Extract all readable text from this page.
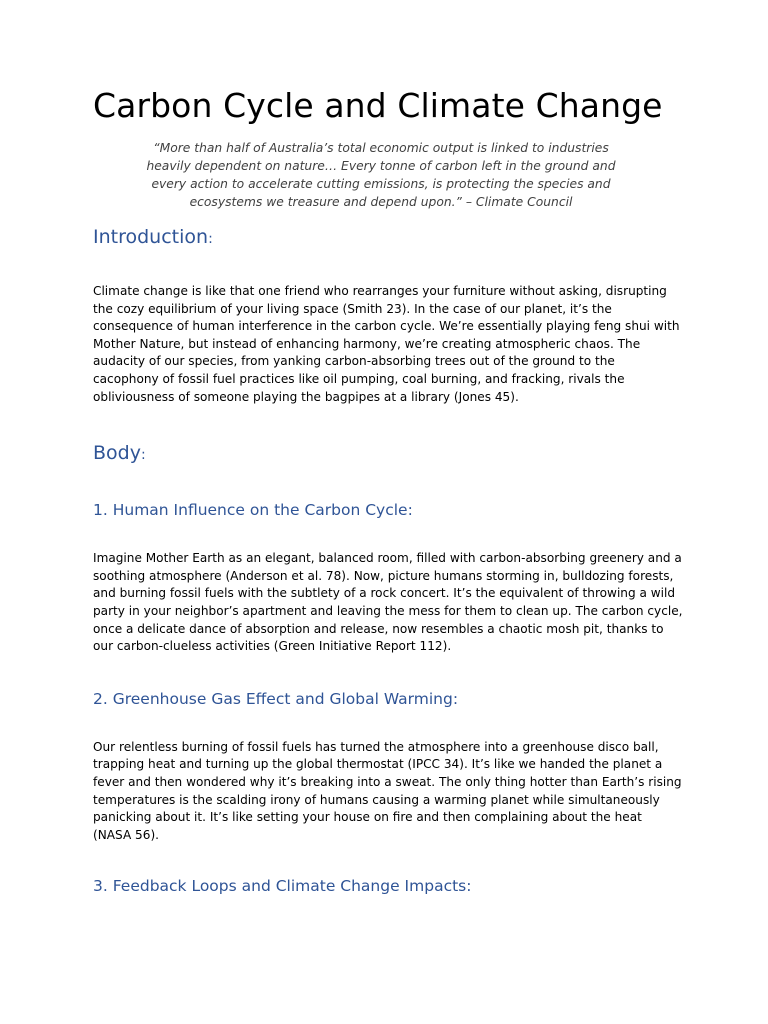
Carbon Cycle and Climate Change

“More than half of Australia’s total economic output is linked to industries heavily dependent on nature… Every tonne of carbon left in the ground and every action to accelerate cutting emissions, is protecting the species and ecosystems we treasure and depend upon.” – Climate Council

Introduction:

Climate change is like that one friend who rearranges your furniture without asking, disrupting the cozy equilibrium of your living space (Smith 23). In the case of our planet, it’s the consequence of human interference in the carbon cycle. We’re essentially playing feng shui with Mother Nature, but instead of enhancing harmony, we’re creating atmospheric chaos. The audacity of our species, from yanking carbon-absorbing trees out of the ground to the cacophony of fossil fuel practices like oil pumping, coal burning, and fracking, rivals the obliviousness of someone playing the bagpipes at a library (Jones 45).

Body:
1. Human Influence on the Carbon Cycle:

Imagine Mother Earth as an elegant, balanced room, filled with carbon-absorbing greenery and a soothing atmosphere (Anderson et al. 78). Now, picture humans storming in, bulldozing forests, and burning fossil fuels with the subtlety of a rock concert. It’s the equivalent of throwing a wild party in your neighbor’s apartment and leaving the mess for them to clean up. The carbon cycle, once a delicate dance of absorption and release, now resembles a chaotic mosh pit, thanks to our carbon-clueless activities (Green Initiative Report 112).

2. Greenhouse Gas Effect and Global Warming:

Our relentless burning of fossil fuels has turned the atmosphere into a greenhouse disco ball, trapping heat and turning up the global thermostat (IPCC 34). It’s like we handed the planet a fever and then wondered why it’s breaking into a sweat. The only thing hotter than Earth’s rising temperatures is the scalding irony of humans causing a warming planet while simultaneously panicking about it. It’s like setting your house on fire and then complaining about the heat (NASA 56).

3. Feedback Loops and Climate Change Impacts:
